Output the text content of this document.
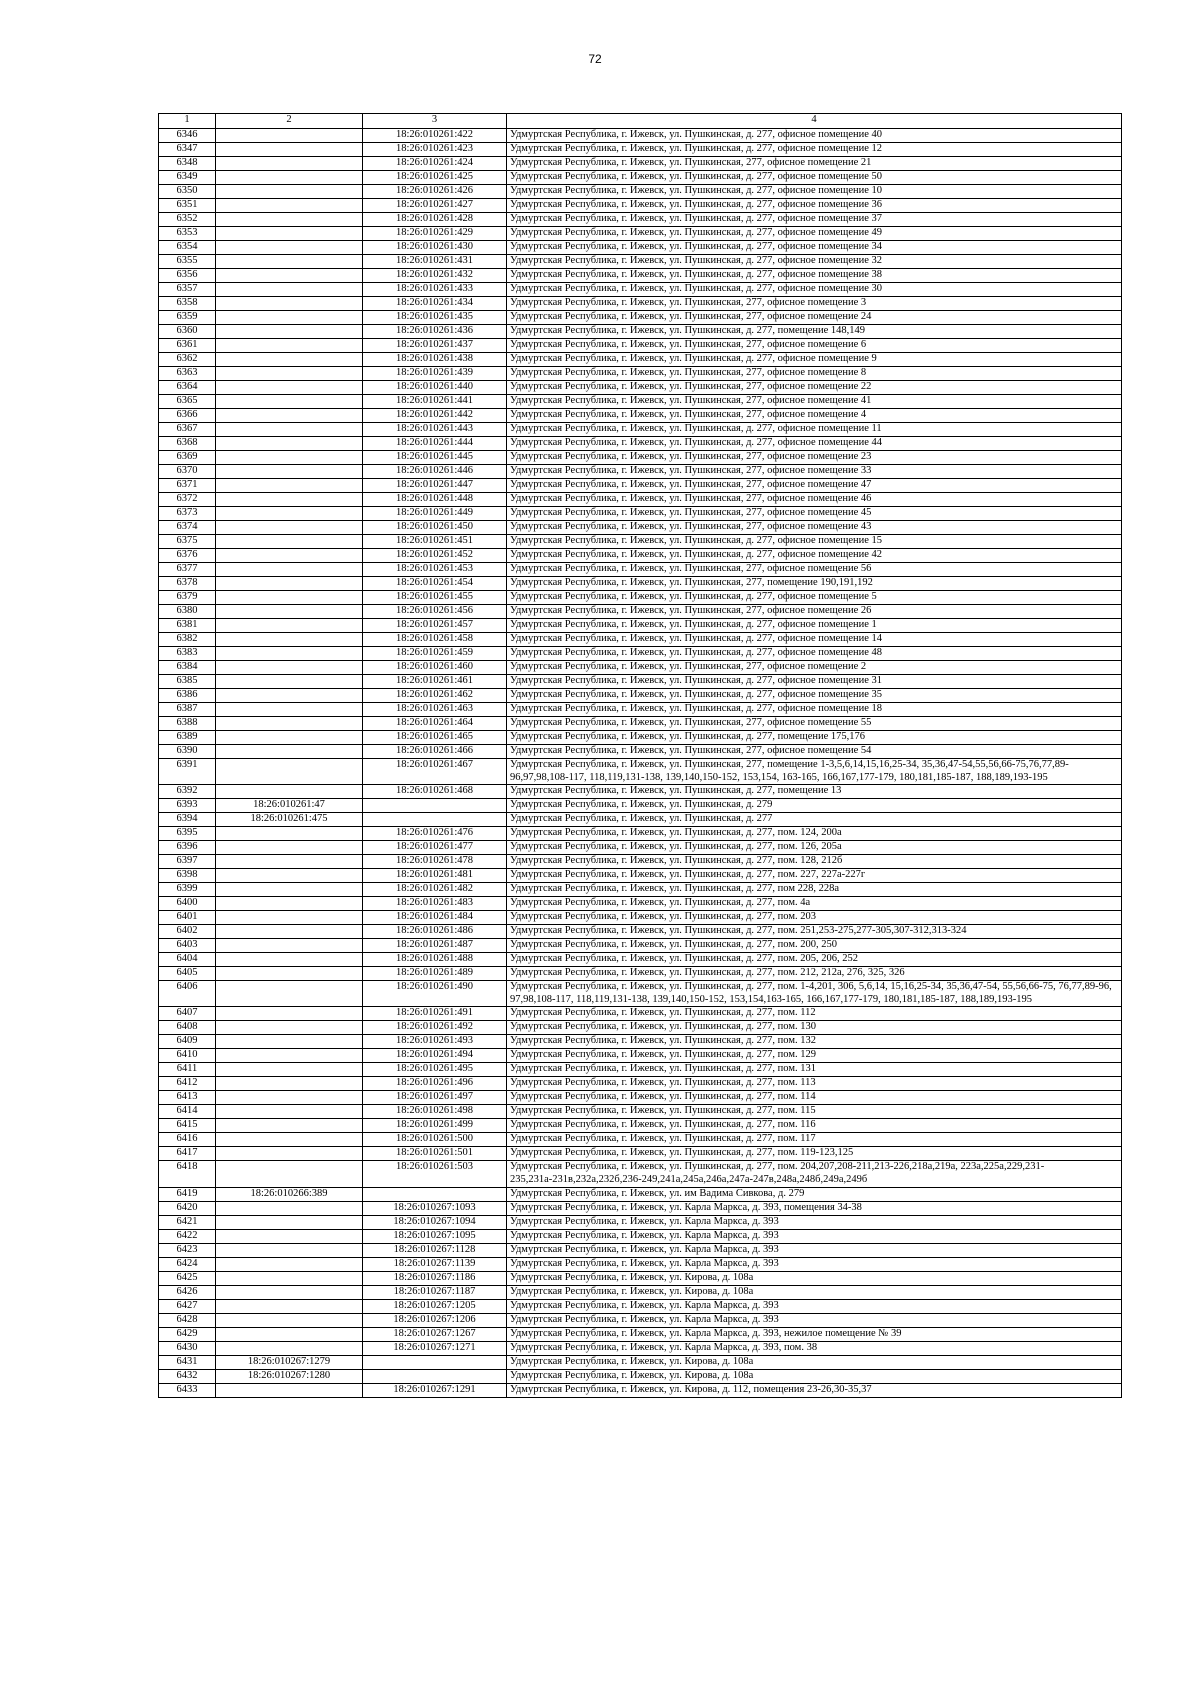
72
1	2	3	4
6346		18:26:010261:422	Удмуртская Республика, г. Ижевск, ул. Пушкинская, д. 277, офисное помещение 40
6347		18:26:010261:423	Удмуртская Республика, г. Ижевск, ул. Пушкинская, д. 277, офисное помещение 12
6348		18:26:010261:424	Удмуртская Республика, г. Ижевск, ул. Пушкинская, 277, офисное помещение 21
6349		18:26:010261:425	Удмуртская Республика, г. Ижевск, ул. Пушкинская, д. 277, офисное помещение 50
6350		18:26:010261:426	Удмуртская Республика, г. Ижевск, ул. Пушкинская, д. 277, офисное помещение 10
6351		18:26:010261:427	Удмуртская Республика, г. Ижевск, ул. Пушкинская, д. 277, офисное помещение 36
6352		18:26:010261:428	Удмуртская Республика, г. Ижевск, ул. Пушкинская, д. 277, офисное помещение 37
6353		18:26:010261:429	Удмуртская Республика, г. Ижевск, ул. Пушкинская, д. 277, офисное помещение 49
6354		18:26:010261:430	Удмуртская Республика, г. Ижевск, ул. Пушкинская, д. 277, офисное помещение 34
6355		18:26:010261:431	Удмуртская Республика, г. Ижевск, ул. Пушкинская, д. 277, офисное помещение 32
6356		18:26:010261:432	Удмуртская Республика, г. Ижевск, ул. Пушкинская, д. 277, офисное помещение 38
6357		18:26:010261:433	Удмуртская Республика, г. Ижевск, ул. Пушкинская, д. 277, офисное помещение 30
6358		18:26:010261:434	Удмуртская Республика, г. Ижевск, ул. Пушкинская, 277, офисное помещение 3
6359		18:26:010261:435	Удмуртская Республика, г. Ижевск, ул. Пушкинская, 277, офисное помещение 24
6360		18:26:010261:436	Удмуртская Республика, г. Ижевск, ул. Пушкинская, д. 277, помещение 148,149
6361		18:26:010261:437	Удмуртская Республика, г. Ижевск, ул. Пушкинская, 277, офисное помещение 6
6362		18:26:010261:438	Удмуртская Республика, г. Ижевск, ул. Пушкинская, д. 277, офисное помещение 9
6363		18:26:010261:439	Удмуртская Республика, г. Ижевск, ул. Пушкинская, 277, офисное помещение 8
6364		18:26:010261:440	Удмуртская Республика, г. Ижевск, ул. Пушкинская, 277, офисное помещение 22
6365		18:26:010261:441	Удмуртская Республика, г. Ижевск, ул. Пушкинская, 277, офисное помещение 41
6366		18:26:010261:442	Удмуртская Республика, г. Ижевск, ул. Пушкинская, 277, офисное помещение 4
6367		18:26:010261:443	Удмуртская Республика, г. Ижевск, ул. Пушкинская, д. 277, офисное помещение 11
6368		18:26:010261:444	Удмуртская Республика, г. Ижевск, ул. Пушкинская, д. 277, офисное помещение 44
6369		18:26:010261:445	Удмуртская Республика, г. Ижевск, ул. Пушкинская, 277, офисное помещение 23
6370		18:26:010261:446	Удмуртская Республика, г. Ижевск, ул. Пушкинская, 277, офисное помещение 33
6371		18:26:010261:447	Удмуртская Республика, г. Ижевск, ул. Пушкинская, 277, офисное помещение 47
6372		18:26:010261:448	Удмуртская Республика, г. Ижевск, ул. Пушкинская, 277, офисное помещение 46
6373		18:26:010261:449	Удмуртская Республика, г. Ижевск, ул. Пушкинская, 277, офисное помещение 45
6374		18:26:010261:450	Удмуртская Республика, г. Ижевск, ул. Пушкинская, 277, офисное помещение 43
6375		18:26:010261:451	Удмуртская Республика, г. Ижевск, ул. Пушкинская, д. 277, офисное помещение 15
6376		18:26:010261:452	Удмуртская Республика, г. Ижевск, ул. Пушкинская, д. 277, офисное помещение 42
6377		18:26:010261:453	Удмуртская Республика, г. Ижевск, ул. Пушкинская, 277, офисное помещение 56
6378		18:26:010261:454	Удмуртская Республика, г. Ижевск, ул. Пушкинская, 277, помещение 190,191,192
6379		18:26:010261:455	Удмуртская Республика, г. Ижевск, ул. Пушкинская, д. 277, офисное помещение 5
6380		18:26:010261:456	Удмуртская Республика, г. Ижевск, ул. Пушкинская, 277, офисное помещение 26
6381		18:26:010261:457	Удмуртская Республика, г. Ижевск, ул. Пушкинская, д. 277, офисное помещение 1
6382		18:26:010261:458	Удмуртская Республика, г. Ижевск, ул. Пушкинская, д. 277, офисное помещение 14
6383		18:26:010261:459	Удмуртская Республика, г. Ижевск, ул. Пушкинская, д. 277, офисное помещение 48
6384		18:26:010261:460	Удмуртская Республика, г. Ижевск, ул. Пушкинская, 277, офисное помещение 2
6385		18:26:010261:461	Удмуртская Республика, г. Ижевск, ул. Пушкинская, д. 277, офисное помещение 31
6386		18:26:010261:462	Удмуртская Республика, г. Ижевск, ул. Пушкинская, д. 277, офисное помещение 35
6387		18:26:010261:463	Удмуртская Республика, г. Ижевск, ул. Пушкинская, д. 277, офисное помещение 18
6388		18:26:010261:464	Удмуртская Республика, г. Ижевск, ул. Пушкинская, 277, офисное помещение 55
6389		18:26:010261:465	Удмуртская Республика, г. Ижевск, ул. Пушкинская, д. 277, помещение 175,176
6390		18:26:010261:466	Удмуртская Республика, г. Ижевск, ул. Пушкинская, 277, офисное помещение 54
6391		18:26:010261:467	Удмуртская Республика, г. Ижевск, ул. Пушкинская, 277, помещение 1-3,5,6,14,15,16,25-34, 35,36,47-54,55,56,66-75,76,77,89-96,97,98,108-117, 118,119,131-138, 139,140,150-152, 153,154, 163-165, 166,167,177-179, 180,181,185-187, 188,189,193-195
6392		18:26:010261:468	Удмуртская Республика, г. Ижевск, ул. Пушкинская, д. 277, помещение 13
6393	18:26:010261:47		Удмуртская Республика, г. Ижевск, ул. Пушкинская, д. 279
6394	18:26:010261:475		Удмуртская Республика, г. Ижевск, ул. Пушкинская, д. 277
6395		18:26:010261:476	Удмуртская Республика, г. Ижевск, ул. Пушкинская, д. 277, пом. 124, 200а
6396		18:26:010261:477	Удмуртская Республика, г. Ижевск, ул. Пушкинская, д. 277, пом. 126, 205а
6397		18:26:010261:478	Удмуртская Республика, г. Ижевск, ул. Пушкинская, д. 277, пом. 128, 212б
6398		18:26:010261:481	Удмуртская Республика, г. Ижевск, ул. Пушкинская, д. 277, пом. 227, 227а-227г
6399		18:26:010261:482	Удмуртская Республика, г. Ижевск, ул. Пушкинская, д. 277, пом 228, 228а
6400		18:26:010261:483	Удмуртская Республика, г. Ижевск, ул. Пушкинская, д. 277, пом. 4а
6401		18:26:010261:484	Удмуртская Республика, г. Ижевск, ул. Пушкинская, д. 277, пом. 203
6402		18:26:010261:486	Удмуртская Республика, г. Ижевск, ул. Пушкинская, д. 277, пом. 251,253-275,277-305,307-312,313-324
6403		18:26:010261:487	Удмуртская Республика, г. Ижевск, ул. Пушкинская, д. 277, пом. 200, 250
6404		18:26:010261:488	Удмуртская Республика, г. Ижевск, ул. Пушкинская, д. 277, пом. 205, 206, 252
6405		18:26:010261:489	Удмуртская Республика, г. Ижевск, ул. Пушкинская, д. 277, пом. 212, 212а, 276, 325, 326
6406		18:26:010261:490	Удмуртская Республика, г. Ижевск, ул. Пушкинская, д. 277, пом. 1-4,201, 306, 5,6,14, 15,16,25-34, 35,36,47-54, 55,56,66-75, 76,77,89-96, 97,98,108-117, 118,119,131-138, 139,140,150-152, 153,154,163-165, 166,167,177-179, 180,181,185-187, 188,189,193-195
6407		18:26:010261:491	Удмуртская Республика, г. Ижевск, ул. Пушкинская, д. 277, пом. 112
6408		18:26:010261:492	Удмуртская Республика, г. Ижевск, ул. Пушкинская, д. 277, пом. 130
6409		18:26:010261:493	Удмуртская Республика, г. Ижевск, ул. Пушкинская, д. 277, пом. 132
6410		18:26:010261:494	Удмуртская Республика, г. Ижевск, ул. Пушкинская, д. 277, пом. 129
6411		18:26:010261:495	Удмуртская Республика, г. Ижевск, ул. Пушкинская, д. 277, пом. 131
6412		18:26:010261:496	Удмуртская Республика, г. Ижевск, ул. Пушкинская, д. 277, пом. 113
6413		18:26:010261:497	Удмуртская Республика, г. Ижевск, ул. Пушкинская, д. 277, пом. 114
6414		18:26:010261:498	Удмуртская Республика, г. Ижевск, ул. Пушкинская, д. 277, пом. 115
6415		18:26:010261:499	Удмуртская Республика, г. Ижевск, ул. Пушкинская, д. 277, пом. 116
6416		18:26:010261:500	Удмуртская Республика, г. Ижевск, ул. Пушкинская, д. 277, пом. 117
6417		18:26:010261:501	Удмуртская Республика, г. Ижевск, ул. Пушкинская, д. 277, пом. 119-123,125
6418		18:26:010261:503	Удмуртская Республика, г. Ижевск, ул. Пушкинская, д. 277, пом. 204,207,208-211,213-226,218а,219а, 223а,225а,229,231-235,231а-231в,232а,232б,236-249,241а,245а,246а,247а-247в,248а,248б,249а,249б
6419	18:26:010266:389		Удмуртская Республика, г. Ижевск, ул. им Вадима Сивкова, д. 279
6420		18:26:010267:1093	Удмуртская Республика, г. Ижевск, ул. Карла Маркса, д. 393, помещения 34-38
6421		18:26:010267:1094	Удмуртская Республика, г. Ижевск, ул. Карла Маркса, д. 393
6422		18:26:010267:1095	Удмуртская Республика, г. Ижевск, ул. Карла Маркса, д. 393
6423		18:26:010267:1128	Удмуртская Республика, г. Ижевск, ул. Карла Маркса, д. 393
6424		18:26:010267:1139	Удмуртская Республика, г. Ижевск, ул. Карла Маркса, д. 393
6425		18:26:010267:1186	Удмуртская Республика, г. Ижевск, ул. Кирова, д. 108а
6426		18:26:010267:1187	Удмуртская Республика, г. Ижевск, ул. Кирова, д. 108а
6427		18:26:010267:1205	Удмуртская Республика, г. Ижевск, ул. Карла Маркса, д. 393
6428		18:26:010267:1206	Удмуртская Республика, г. Ижевск, ул. Карла Маркса, д. 393
6429		18:26:010267:1267	Удмуртская Республика, г. Ижевск, ул. Карла Маркса, д. 393, нежилое помещение № 39
6430		18:26:010267:1271	Удмуртская Республика, г. Ижевск, ул. Карла Маркса, д. 393, пом. 38
6431	18:26:010267:1279		Удмуртская Республика, г. Ижевск, ул. Кирова, д. 108а
6432	18:26:010267:1280		Удмуртская Республика, г. Ижевск, ул. Кирова, д. 108а
6433		18:26:010267:1291	Удмуртская Республика, г. Ижевск, ул. Кирова, д. 112, помещения 23-26,30-35,37
